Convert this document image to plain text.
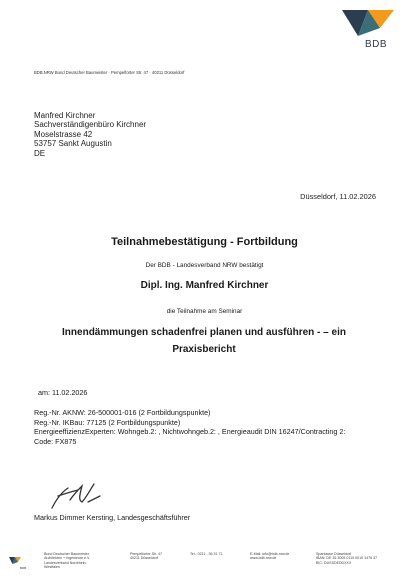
BDB
BDB.NRW Bund Deutscher Baumeister · Pempelforter Str. 47 · 40211 Düsseldorf
Manfred Kirchner
Sachverständigenbüro Kirchner
Moselstrasse 42
53757 Sankt Augustin
DE
Düsseldorf, 11.02.2026
Teilnahmebestätigung - Fortbildung
Der BDB - Landesverband NRW bestätigt
Dipl. Ing. Manfred Kirchner
die Teilnahme am Seminar
Innendämmungen schadenfrei planen und ausführen - – ein Praxisbericht
am: 11.02.2026
Reg.-Nr. AKNW: 26-500001-016 (2 Fortbildungspunkte)
Reg.-Nr. IKBau: 77125 (2 Fortbildungspunkte)
EnergieeffizienzExperten: Wohngeb.2: , Nichtwohngeb.2: , Energieaudit DIN 16247/Contracting 2: Code: FX875
Markus Dimmer Kersting, Landesgeschäftsführer
BDB
Bund Deutscher Baumeister
Architekten + Ingenieure e.V.
Landesverband Nordrhein-
Westfalen
Pempelforter Str. 47
40211 Düsseldorf
Tel.: 0211 - 36 31 71	E-Mail: info@bdb-nrw.de
www.bdb-nrw.de
Sparkasse Düsseldorf
IBAN: DE 35 3005 0110 0010 1476 37
BIC: DUSSDEDDXXX
